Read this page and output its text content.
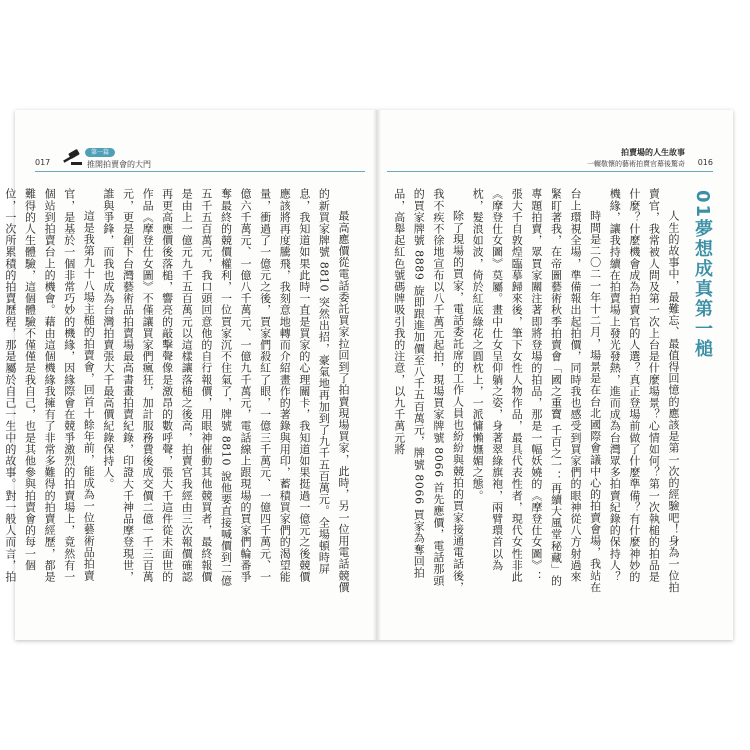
017
第一篇
推開拍賣會的大門

最高應價從電話委託買家拉回到了拍賣現場買家，此時，另一位用電話競價的新買家牌號 8810 突然出招，豪氣地再加到了九千五百萬元。全場頓時屏息，我知道如果此時一直是買家的心理關卡，我知道如果挺過一億元之後競價應該將再度騰飛，我刻意地轉而介紹畫作的著錄與用印，蓄積買家們的渴望能量，衝過了一億元之後，買家們殺紅了眼，一億三千萬元、一億四千萬元、一億六千萬元、一億八千萬元、一億九千萬元，電話線上跟現場的買家們輪番爭奪最終的競價權利，一位買家沉不住氣了，牌號 8810 說他要直接喊價到二億五千五百萬元，我口頭回意他的自行報價，用眼神催動其他競買者，最終報價是由上一億元九千五百萬元以這樣讓落槌之後高，拍賣官我經由三次報價確認再更高應價後落槌，響亮的敲擊聲像是激昂的數呼聲，張大千這件從未面世的作品《摩登仕女圖》不僅讓買家們瘋狂，加計服務費後成交價二億一千三百萬元，更是創下台灣藝術品拍賣場最高書畫拍賣紀錄，印證大千神品摩登現世，誰與爭鋒，而我也成為台灣拍賣張大千最高價紀錄保持人。

這是我第九十八場主槌的拍賣會，回首十餘年前，能成為一位藝術品拍賣官，是基於一個非常巧妙的機緣，因緣際會在競爭激烈的拍賣場上，竟然有一個站到拍賣台上的機會。藉由這個機緣我擁有了非常多難得的拍賣經歷，都是難得的人生體驗，這個體驗不僅僅是我自己，也是其他參與拍賣會的每一個位，一次所累積的拍賣歷程，那是屬於自己一生中的故事。對一般人而言，拍

拍賣場的人生故事
一輾敬懷的藝術拍賣官幕後驚奇 016
01夢想成真第一槌

人生的故事中，最難忘、最值得回憶的應該是第一次的經驗吧！身為一位拍賣官，我常被人問及第一次上台是什麼場景？心情如何？第一次執槌的拍品是什麼？什麼機會成為拍賣官的人選？真正登場前做了什麼準備？有什麼神妙的機緣，讓我持續在拍賣場上發光發熱，進而成為台灣眾多拍賣紀錄的保持人？

時間是二〇二一年十二月，場景是在台北國際會議中心的拍賣會場，我站在台上環視全場，準備報出起拍價，同時我也感受到買家們的眼神從八方射過來緊盯著我，在帝圖藝術秋季拍賣會「國之重寶 千百之一：再續大風堂秘藏」的專題拍賣，眾買家關注著即將登場的拍品，那是一幅妖嬈的《摩登仕女圖》：張大千自敦煌臨摹歸來後，筆下女性人物作品，最具代表性者，現代女性非此《摩登仕女圖》莫屬。畫中仕女呈仰躺之姿，身著翠綠旗袍，兩臂環首以為枕，髮浪如波，倚於紅底綠花之圓枕上，一派慵懶嫵媚之態。

除了現場的買家，電話委託席的工作人員也紛紛與競拍的買家接通電話後，我不疾不徐地宣布以八千萬元起拍，現場買家牌號 8066 首先應價，電話那頭的買家牌號 8889 旋即跟進加價至八千五百萬元，牌號 8066 買家為奪回拍品，高舉起紅色號碼牌吸引我的注意，以九千萬元將
